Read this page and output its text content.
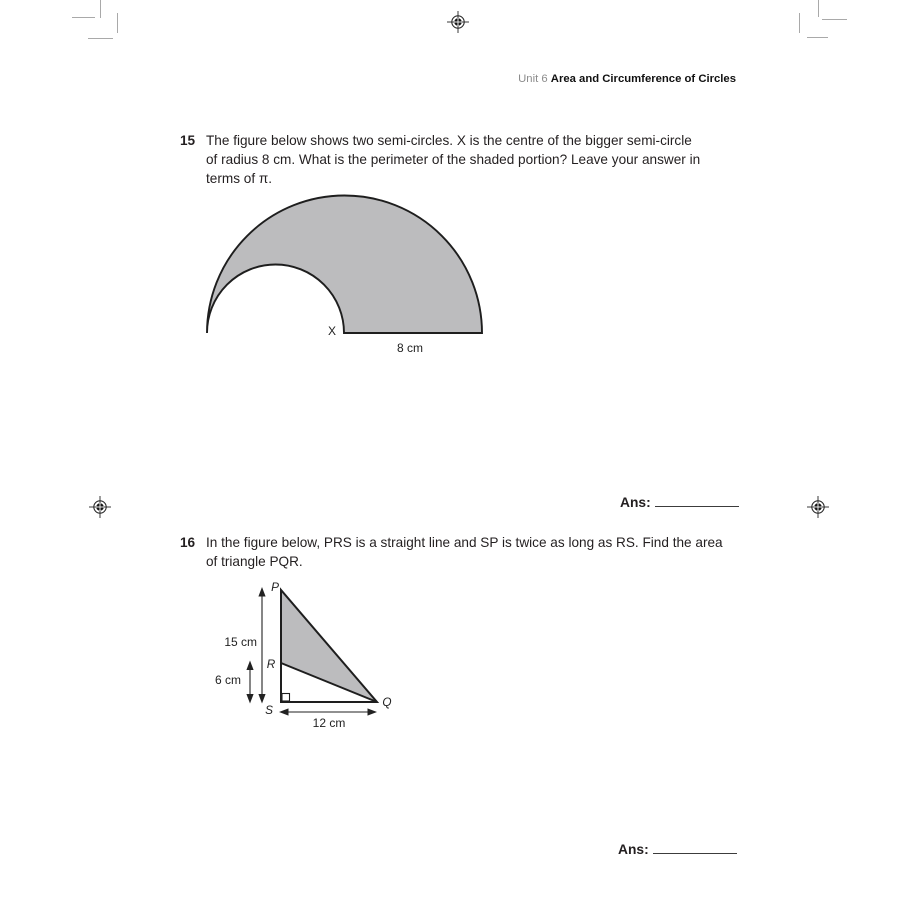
Unit 6 Area and Circumference of Circles
15 The figure below shows two semi-circles. X is the centre of the bigger semi-circle
of radius 8 cm. What is the perimeter of the shaded portion? Leave your answer in
terms of π.
X
8 cm
Ans:
16 In the figure below, PRS is a straight line and SP is twice as long as RS. Find the area
of triangle PQR.
P
R
S
Q
15 cm
6 cm
12 cm
Ans:
